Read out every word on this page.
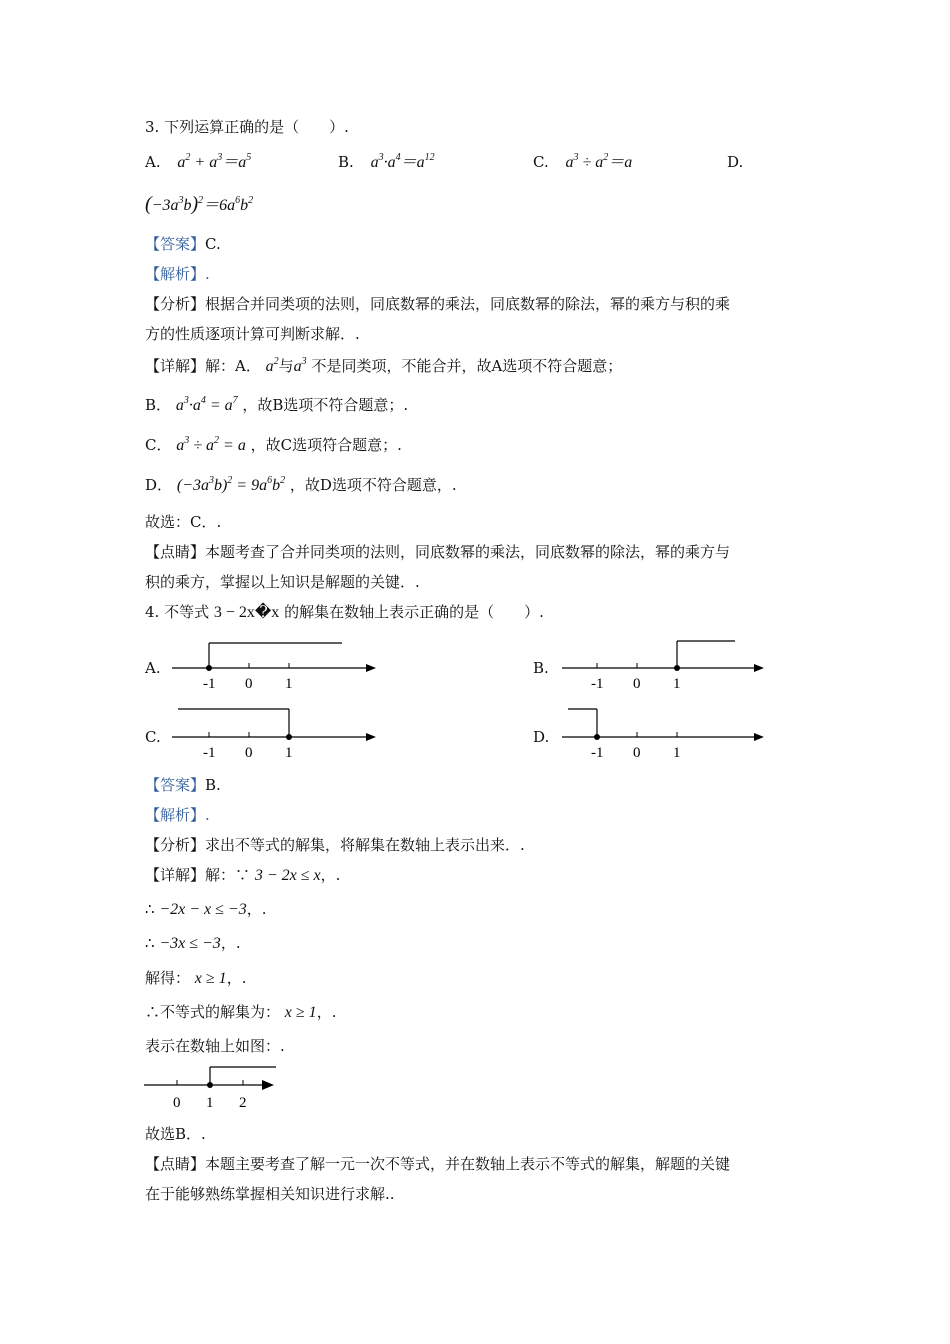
3. 下列运算正确的是（　　）.
A. $a^2 + a^3=a^5$	B. $a^3\cdot a^4=a^{12}$	C. $a^3 \div a^2=a$	D.
$(-3a^3b)^2=6a^6b^2$
【答案】C.
【解析】.
【分析】根据合并同类项的法则，同底数幂的乘法，同底数幂的除法，幂的乘方与积的乘
方的性质逐项计算可判断求解．.
【详解】解：A． $a^2$与$a^3$ 不是同类项，不能合并，故A选项不符合题意；
B． $a^3\cdot a^4 = a^7$ ，故B选项不符合题意；.
C． $a^3 \div a^2 = a$ ，故C选项符合题意；.
D． $(-3a^3b)^2 = 9a^6b^2$ ，故D选项不符合题意，.
故选：C．.
【点睛】本题考查了合并同类项的法则，同底数幂的乘法，同底数幂的除法，幂的乘方与
积的乘方，掌握以上知识是解题的关键．.
4. 不等式 3 − 2x�x 的解集在数轴上表示正确的是（　　）.
A.
-1 0 1
B.
-1 0 1
C.
-1 0 1
D.
-1 0 1
【答案】B.
【解析】.
【分析】求出不等式的解集，将解集在数轴上表示出来．.
【详解】解：∵ 3 − 2x ≤ x，.
∴ −2x − x ≤ −3，.
∴ −3x ≤ −3，.
解得： x ≥ 1，.
∴不等式的解集为： x ≥ 1，.
表示在数轴上如图：.
0 1 2
故选B．.
【点睛】本题主要考查了解一元一次不等式，并在数轴上表示不等式的解集，解题的关键
在于能够熟练掌握相关知识进行求解..
